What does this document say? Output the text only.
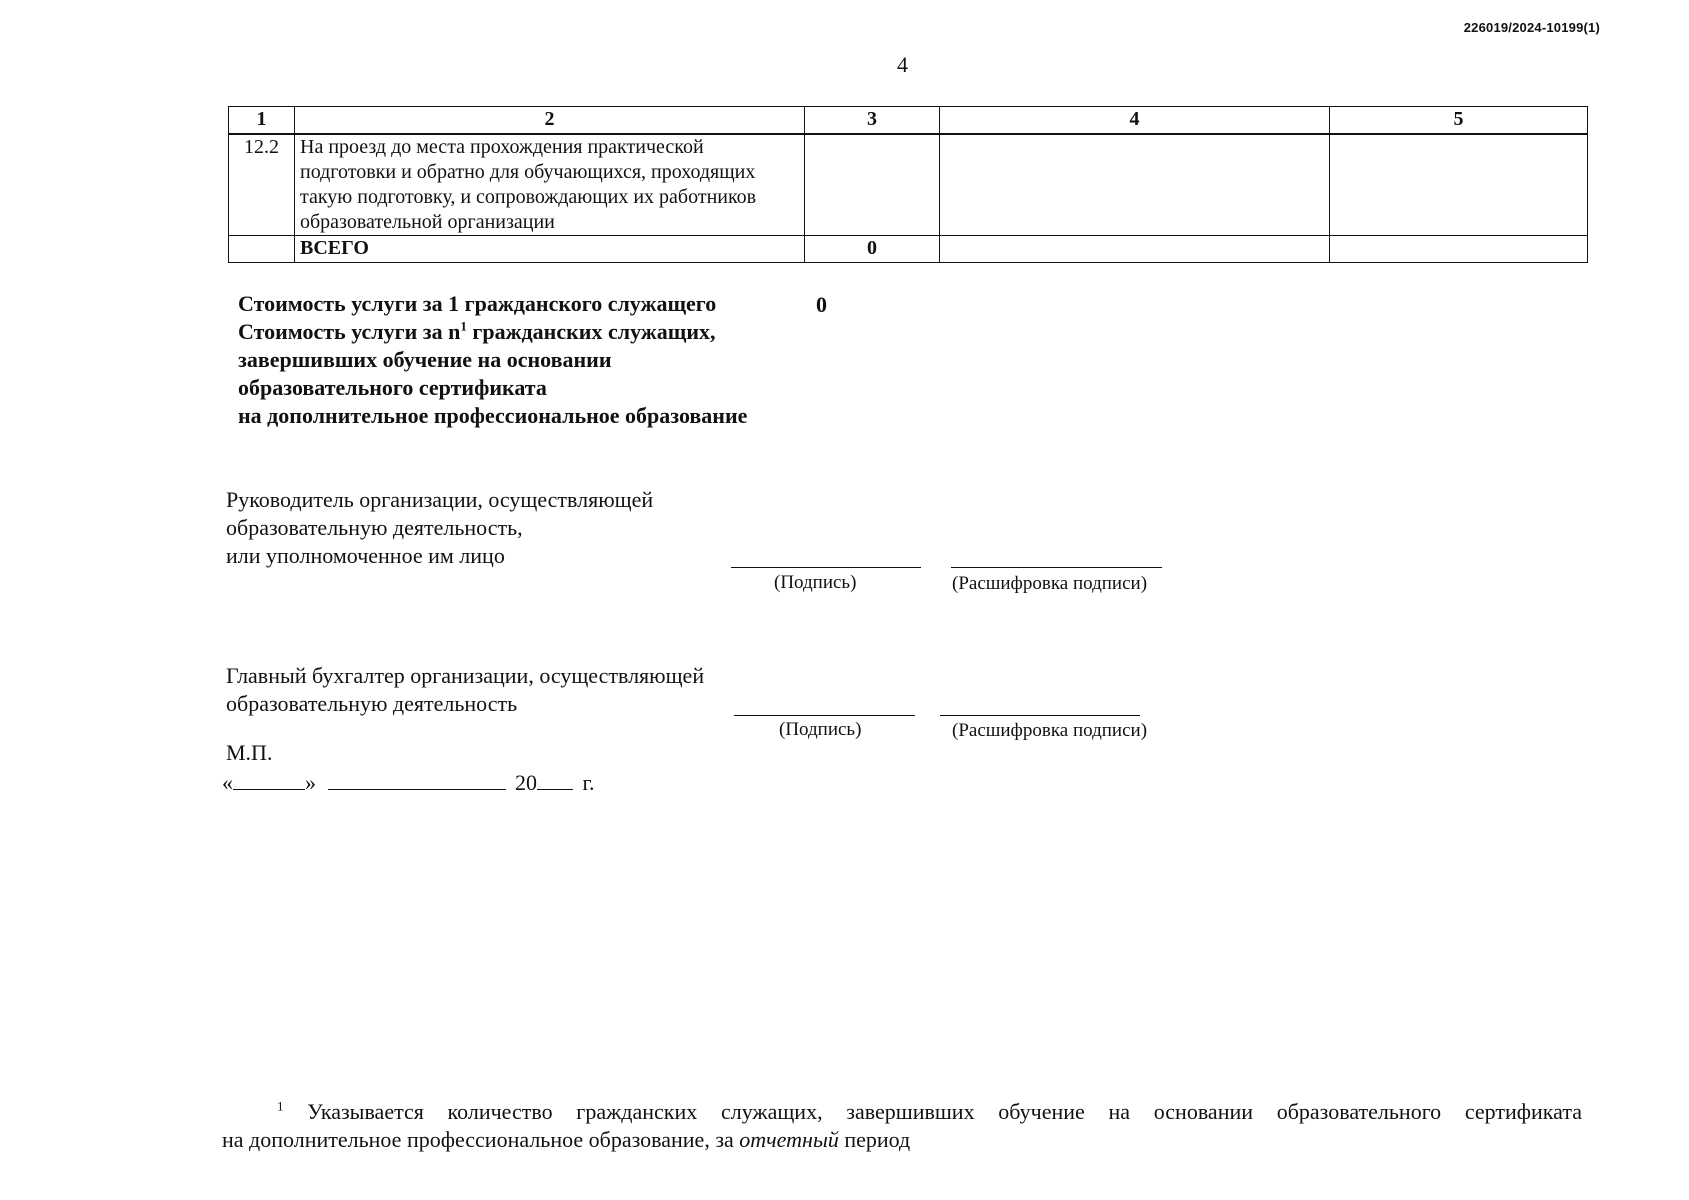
226019/2024-10199(1)
4
1	2	3	4	5
12.2	На проезд до места прохождения практической подготовки и обратно для обучающихся, проходящих такую подготовку, и сопровождающих их работников образовательной организации			
	ВСЕГО	0		
Стоимость услуги за 1 гражданского служащего
Стоимость услуги за $n^1$ гражданских служащих,
завершивших обучение на основании
образовательного сертификата
на дополнительное профессиональное образование
0
Руководитель организации, осуществляющей
образовательную деятельность,
или уполномоченное им лицо
(Подпись)	(Расшифровка подписи)
Главный бухгалтер организации, осуществляющей
образовательную деятельность
(Подпись)	(Расшифровка подписи)
М.П.
«	»	20 г.
$^1$ Указывается количество гражданских служащих, завершивших обучение на основании образовательного сертификата
на дополнительное профессиональное образование, за отчетный период
